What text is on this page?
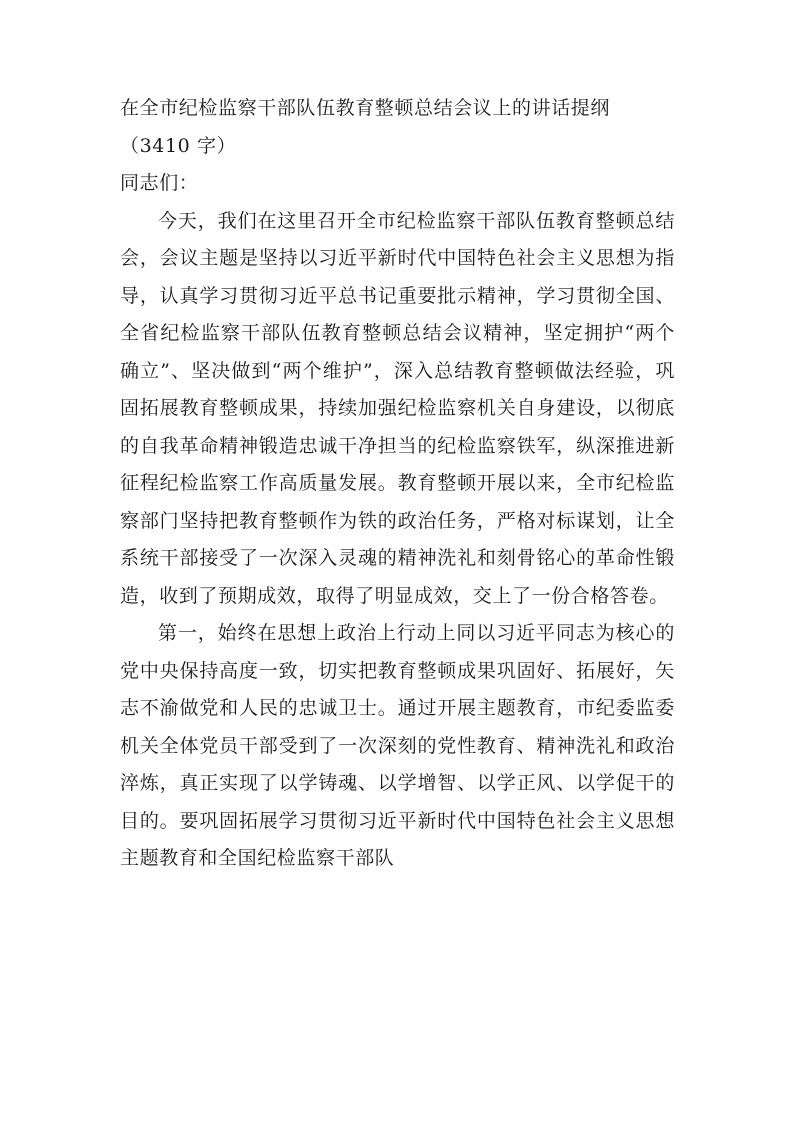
在全市纪检监察干部队伍教育整顿总结会议上的讲话提纲
（3410 字）

同志们：

今天，我们在这里召开全市纪检监察干部队伍教育整顿总结会，会议主题是坚持以习近平新时代中国特色社会主义思想为指导，认真学习贯彻习近平总书记重要批示精神，学习贯彻全国、全省纪检监察干部队伍教育整顿总结会议精神，坚定拥护“两个确立”、坚决做到“两个维护”，深入总结教育整顿做法经验，巩固拓展教育整顿成果，持续加强纪检监察机关自身建设，以彻底的自我革命精神锻造忠诚干净担当的纪检监察铁军，纵深推进新征程纪检监察工作高质量发展。教育整顿开展以来，全市纪检监察部门坚持把教育整顿作为铁的政治任务，严格对标谋划，让全系统干部接受了一次深入灵魂的精神洗礼和刻骨铭心的革命性锻造，收到了预期成效，取得了明显成效，交上了一份合格答卷。

第一，始终在思想上政治上行动上同以习近平同志为核心的党中央保持高度一致，切实把教育整顿成果巩固好、拓展好，矢志不渝做党和人民的忠诚卫士。通过开展主题教育，市纪委监委机关全体党员干部受到了一次深刻的党性教育、精神洗礼和政治淬炼，真正实现了以学铸魂、以学增智、以学正风、以学促干的目的。要巩固拓展学习贯彻习近平新时代中国特色社会主义思想主题教育和全国纪检监察干部队
